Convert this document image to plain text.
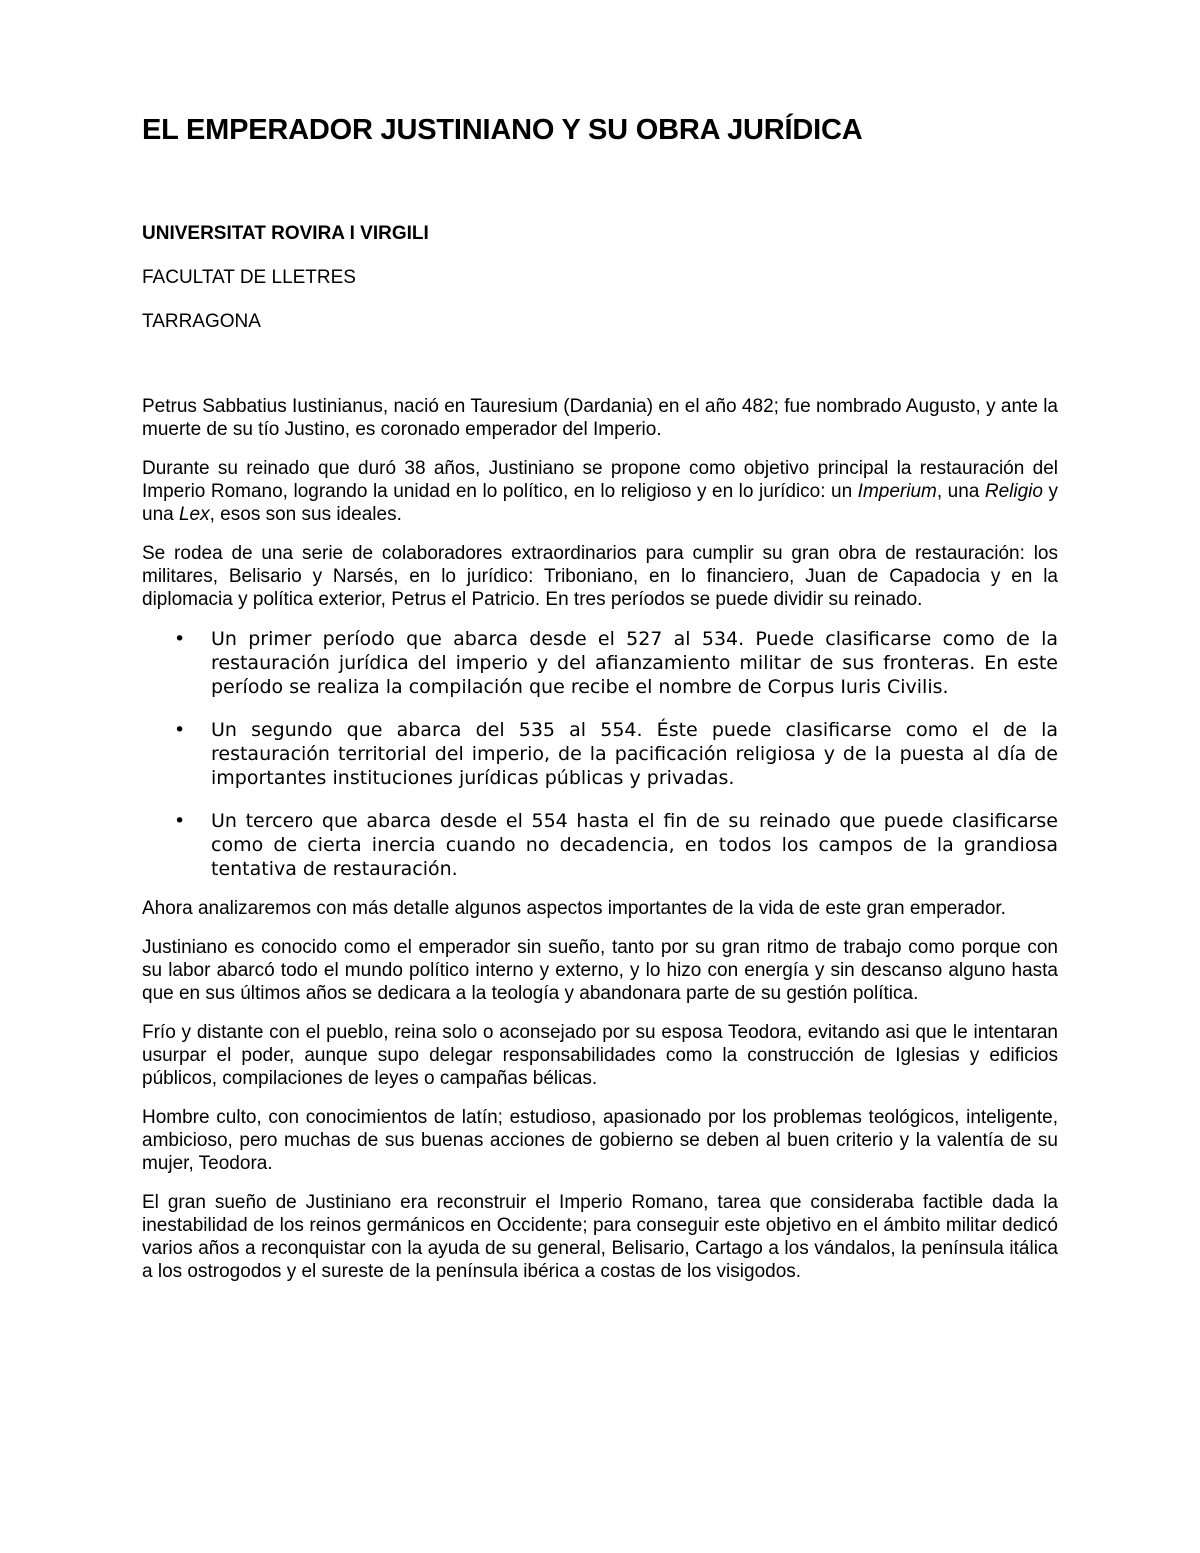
EL EMPERADOR JUSTINIANO Y SU OBRA JURÍDICA

UNIVERSITAT ROVIRA I VIRGILI

FACULTAT DE LLETRES

TARRAGONA

Petrus Sabbatius Iustinianus, nació en Tauresium (Dardania) en el año 482; fue nombrado Augusto, y ante la muerte de su tío Justino, es coronado emperador del Imperio.

Durante su reinado que duró 38 años, Justiniano se propone como objetivo principal la restauración del Imperio Romano, logrando la unidad en lo político, en lo religioso y en lo jurídico: un Imperium, una Religio y una Lex, esos son sus ideales.

Se rodea de una serie de colaboradores extraordinarios para cumplir su gran obra de restauración: los militares, Belisario y Narsés, en lo jurídico: Triboniano, en lo financiero, Juan de Capadocia y en la diplomacia y política exterior, Petrus el Patricio. En tres períodos se puede dividir su reinado.

• Un primer período que abarca desde el 527 al 534. Puede clasificarse como de la restauración jurídica del imperio y del afianzamiento militar de sus fronteras. En este período se realiza la compilación que recibe el nombre de Corpus Iuris Civilis.
• Un segundo que abarca del 535 al 554. Éste puede clasificarse como el de la restauración territorial del imperio, de la pacificación religiosa y de la puesta al día de importantes instituciones jurídicas públicas y privadas.
• Un tercero que abarca desde el 554 hasta el fin de su reinado que puede clasificarse como de cierta inercia cuando no decadencia, en todos los campos de la grandiosa tentativa de restauración.

Ahora analizaremos con más detalle algunos aspectos importantes de la vida de este gran emperador.

Justiniano es conocido como el emperador sin sueño, tanto por su gran ritmo de trabajo como porque con su labor abarcó todo el mundo político interno y externo, y lo hizo con energía y sin descanso alguno hasta que en sus últimos años se dedicara a la teología y abandonara parte de su gestión política.

Frío y distante con el pueblo, reina solo o aconsejado por su esposa Teodora, evitando asi que le intentaran usurpar el poder, aunque supo delegar responsabilidades como la construcción de Iglesias y edificios públicos, compilaciones de leyes o campañas bélicas.

Hombre culto, con conocimientos de latín; estudioso, apasionado por los problemas teológicos, inteligente, ambicioso, pero muchas de sus buenas acciones de gobierno se deben al buen criterio y la valentía de su mujer, Teodora.

El gran sueño de Justiniano era reconstruir el Imperio Romano, tarea que consideraba factible dada la inestabilidad de los reinos germánicos en Occidente; para conseguir este objetivo en el ámbito militar dedicó varios años a reconquistar con la ayuda de su general, Belisario, Cartago a los vándalos, la península itálica a los ostrogodos y el sureste de la península ibérica a costas de los visigodos.
